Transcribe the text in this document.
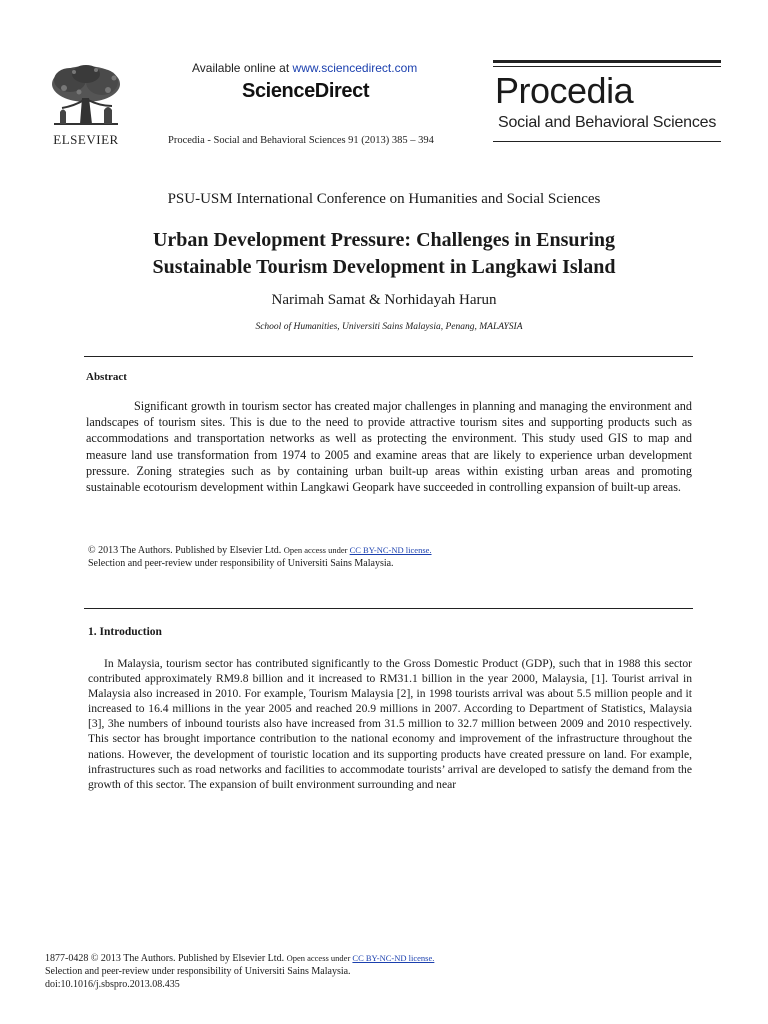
ELSEVIER
Available online at www.sciencedirect.com
ScienceDirect
Procedia - Social and Behavioral Sciences 91 (2013) 385 – 394
Procedia
Social and Behavioral Sciences
PSU-USM International Conference on Humanities and Social Sciences
Urban Development Pressure: Challenges in Ensuring
Sustainable Tourism Development in Langkawi Island
Narimah Samat & Norhidayah Harun
School of Humanities, Universiti Sains Malaysia, Penang, MALAYSIA
Abstract
Significant growth in tourism sector has created major challenges in planning and managing the environment and landscapes of tourism sites. This is due to the need to provide attractive tourism sites and supporting products such as accommodations and transportation networks as well as protecting the environment. This study used GIS to map and measure land use transformation from 1974 to 2005 and examine areas that are likely to experience urban development pressure. Zoning strategies such as by containing urban built-up areas within existing urban areas and promoting sustainable ecotourism development within Langkawi Geopark have succeeded in controlling expansion of built-up areas.
© 2013 The Authors. Published by Elsevier Ltd. Open access under CC BY-NC-ND license.
Selection and peer-review under responsibility of Universiti Sains Malaysia.
1. Introduction
In Malaysia, tourism sector has contributed significantly to the Gross Domestic Product (GDP), such that in 1988 this sector contributed approximately RM9.8 billion and it increased to RM31.1 billion in the year 2000, Malaysia, [1]. Tourist arrival in Malaysia also increased in 2010. For example, Tourism Malaysia [2], in 1998 tourists arrival was about 5.5 million people and it increased to 16.4 millions in the year 2005 and reached 20.9 millions in 2007. According to Department of Statistics, Malaysia [3], 3he numbers of inbound tourists also have increased from 31.5 million to 32.7 million between 2009 and 2010 respectively. This sector has brought importance contribution to the national economy and improvement of the infrastructure throughout the nations. However, the development of touristic location and its supporting products have created pressure on land. For example, infrastructures such as road networks and facilities to accommodate tourists’ arrival are developed to satisfy the demand from the growth of this sector. The expansion of built environment surrounding and near
1877-0428 © 2013 The Authors. Published by Elsevier Ltd. Open access under CC BY-NC-ND license.
Selection and peer-review under responsibility of Universiti Sains Malaysia.
doi:10.1016/j.sbspro.2013.08.435
